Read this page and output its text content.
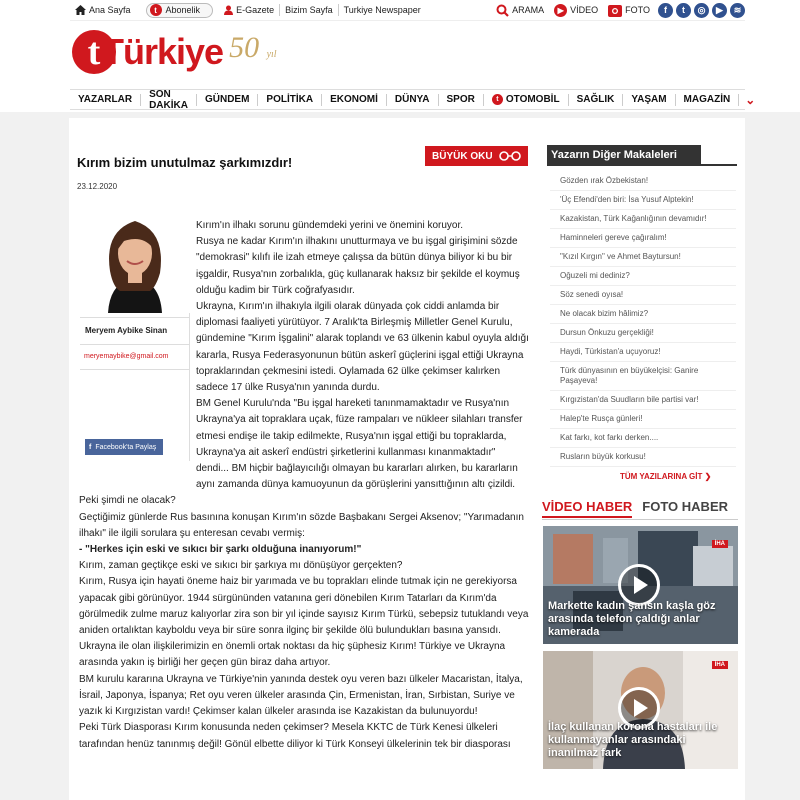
Ana Sayfa	t Abonelik	E-Gazete Bizim Sayfa Turkiye Newspaper	ARAMA	▶ VİDEO	FOTO	f	t	◎	▶	≋
t Türkiye 50 yıl
YAZARLAR SON DAKİKA GÜNDEM POLİTİKA EKONOMİ DÜNYA SPOR	t OTOMOBİL SAĞLIK YAŞAM MAGAZİN	⌄
Kırım bizim unutulmaz şarkımızdır!	BÜYÜK OKU
23.12.2020
Meryem Aybike Sinan
meryemaybike@gmail.com
f Facebook'ta Paylaş

Kırım'ın ilhakı sorunu gündemdeki yerini ve önemini koruyor.

Rusya ne kadar Kırım'ın ilhakını unutturmaya ve bu işgal girişimini sözde "demokrasi" kılıfı ile izah etmeye çalışsa da bütün dünya biliyor ki bu bir işgaldir, Rusya'nın zorbalıkla, güç kullanarak haksız bir şekilde el koymuş olduğu kadim bir Türk coğrafyasıdır.

Ukrayna, Kırım'ın ilhakıyla ilgili olarak dünyada çok ciddi anlamda bir diplomasi faaliyeti yürütüyor. 7 Aralık'ta Birleşmiş Milletler Genel Kurulu, gündemine "Kırım İşgalini" alarak toplandı ve 63 ülkenin kabul oyuyla aldığı kararla, Rusya Federasyonunun bütün askerî güçlerini işgal ettiği Ukrayna topraklarından çekmesini istedi. Oylamada 62 ülke çekimser kalırken sadece 17 ülke Rusya'nın yanında durdu.

BM Genel Kurulu'nda "Bu işgal hareketi tanınmamaktadır ve Rusya'nın Ukrayna'ya ait topraklara uçak, füze rampaları ve nükleer silahları transfer etmesi endişe ile takip edilmekte, Rusya'nın işgal ettiği bu topraklarda, Ukrayna'ya ait askerî endüstri şirketlerini kullanması kınanmaktadır" dendi... BM hiçbir bağlayıcılığı olmayan bu kararları alırken, bu kararların aynı zamanda dünya kamuoyunun da görüşlerini yansıttığının altı çizildi.

Peki şimdi ne olacak?

Geçtiğimiz günlerde Rus basınına konuşan Kırım'ın sözde Başbakanı Sergei Aksenov; "Yarımadanın ilhakı" ile ilgili sorulara şu enteresan cevabı vermiş:

- "Herkes için eski ve sıkıcı bir şarkı olduğuna inanıyorum!"

Kırım, zaman geçtikçe eski ve sıkıcı bir şarkıya mı dönüşüyor gerçekten?

Kırım, Rusya için hayati öneme haiz bir yarımada ve bu toprakları elinde tutmak için ne gerekiyorsa yapacak gibi görünüyor. 1944 sürgününden vatanına geri dönebilen Kırım Tatarları da Kırım'da görülmedik zulme maruz kalıyorlar zira son bir yıl içinde sayısız Kırım Türkü, sebepsiz tutuklandı veya aniden ortalıktan kayboldu veya bir süre sonra ilginç bir şekilde ölü bulundukları basına yansıdı.

Ukrayna ile olan ilişkilerimizin en önemli ortak noktası da hiç şüphesiz Kırım! Türkiye ve Ukrayna arasında yakın iş birliği her geçen gün biraz daha artıyor.

BM kurulu kararına Ukrayna ve Türkiye'nin yanında destek oyu veren bazı ülkeler Macaristan, İtalya, İsrail, Japonya, İspanya; Ret oyu veren ülkeler arasında Çin, Ermenistan, İran, Sırbistan, Suriye ve yazık ki Kırgızistan vardı! Çekimser kalan ülkeler arasında ise Kazakistan da bulunuyordu!

Peki Türk Diasporası Kırım konusunda neden çekimser? Mesela KKTC de Türk Kenesi ülkeleri tarafından henüz tanınmış değil! Gönül elbette diliyor ki Türk Konseyi ülkelerinin tek bir diasporası

Yazarın Diğer Makaleleri
Gözden ırak Özbekistan!
'Üç Efendi'den biri: İsa Yusuf Alptekin!
Kazakistan, Türk Kağanlığının devamıdır!
Haminneleri gereve çağıralım!
"Kızıl Kırgın" ve Ahmet Baytursun!
Oğuzeli mi dediniz?
Söz senedi oyısa!
Ne olacak bizim hâlimiz?
Dursun Önkuzu gerçekliği!
Haydi, Türkistan'a uçuyoruz!
Türk dünyasının en büyükelçisi: Ganire Paşayeva!
Kırgızistan'da Suudların bile partisi var!
Halep'te Rusça günleri!
Kat farkı, kot farkı derken....
Rusların büyük korkusu!
TÜM YAZILARINA GİT ❯
VİDEO HABER FOTO HABER
İHA
Markette kadın şansın kaşla göz arasında telefon çaldığı anlar kamerada
İHA
İlaç kullanan korona hastaları ile kullanmayanlar arasındaki inanılmaz fark
